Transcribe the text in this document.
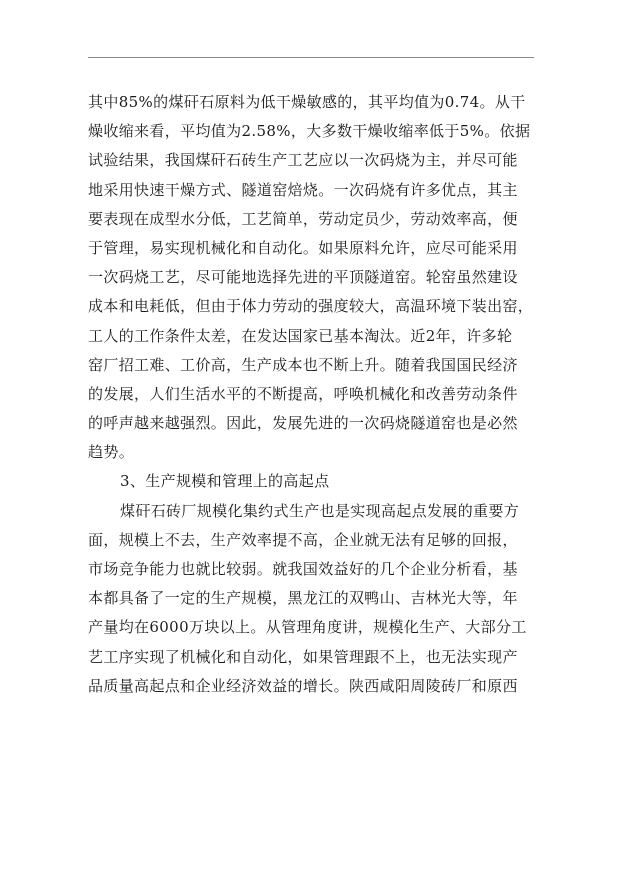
其中85%的煤矸石原料为低干燥敏感的，其平均值为0.74。从干
燥收缩来看，平均值为2.58%，大多数干燥收缩率低于5%。依据
试验结果，我国煤矸石砖生产工艺应以一次码烧为主，并尽可能
地采用快速干燥方式、隧道窑焙烧。一次码烧有许多优点，其主
要表现在成型水分低，工艺简单，劳动定员少，劳动效率高，便
于管理，易实现机械化和自动化。如果原料允许，应尽可能采用
一次码烧工艺，尽可能地选择先进的平顶隧道窑。轮窑虽然建设
成本和电耗低，但由于体力劳动的强度较大，高温环境下装出窑，
工人的工作条件太差，在发达国家已基本淘汰。近2年，许多轮
窑厂招工难、工价高，生产成本也不断上升。随着我国国民经济
的发展，人们生活水平的不断提高，呼唤机械化和改善劳动条件
的呼声越来越强烈。因此，发展先进的一次码烧隧道窑也是必然
趋势。
3、生产规模和管理上的高起点
煤矸石砖厂规模化集约式生产也是实现高起点发展的重要方
面，规模上不去，生产效率提不高，企业就无法有足够的回报，
市场竞争能力也就比较弱。就我国效益好的几个企业分析看，基
本都具备了一定的生产规模，黑龙江的双鸭山、吉林光大等，年
产量均在6000万块以上。从管理角度讲，规模化生产、大部分工
艺工序实现了机械化和自动化，如果管理跟不上，也无法实现产
品质量高起点和企业经济效益的增长。陕西咸阳周陵砖厂和原西
